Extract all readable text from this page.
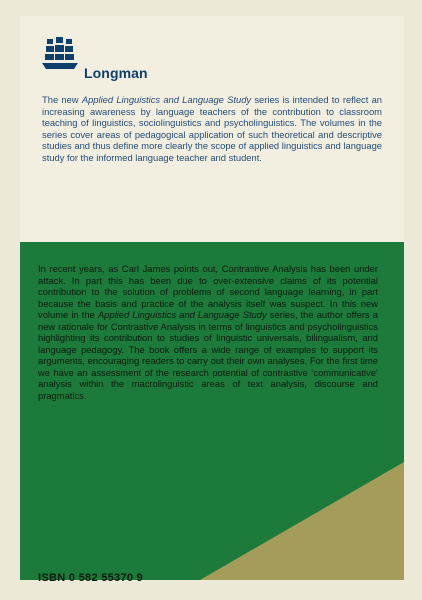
Longman

The new Applied Linguistics and Language Study series is intended to reflect an increasing awareness by language teachers of the contribution to classroom teaching of linguistics, sociolinguistics and psycholinguistics. The volumes in the series cover areas of pedagogical application of such theoretical and descriptive studies and thus define more clearly the scope of applied linguistics and language study for the informed language teacher and student.

In recent years, as Carl James points out, Contrastive Analysis has been under attack. In part this has been due to over-extensive claims of its potential contribution to the solution of problems of second language learning, in part because the basis and practice of the analysis itself was suspect. In this new volume in the Applied Linguistics and Language Study series, the author offers a new rationale for Contrastive Analysis in terms of linguistics and psycholinguistics highlighting its contribution to studies of linguistic universals, bilingualism, and language pedagogy. The book offers a wide range of examples to support its arguments, encouraging readers to carry out their own analyses. For the first time we have an assessment of the research potential of contrastive ‘communicative’ analysis within the macrolinguistic areas of text analysis, discourse and pragmatics.

ISBN 0 582 55370 9
